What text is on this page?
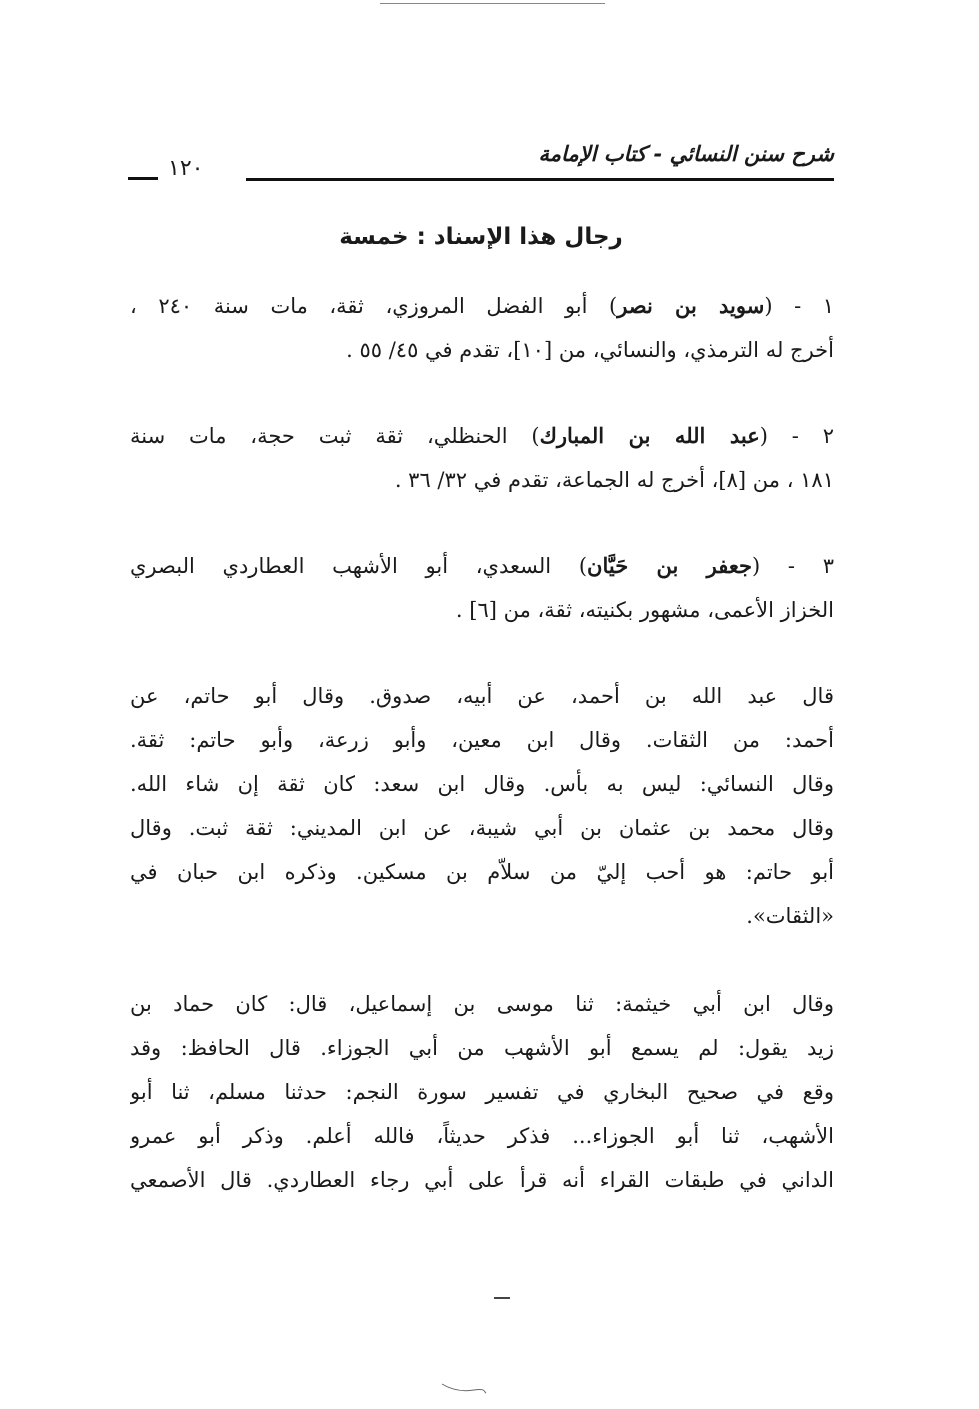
شرح سنن النسائي - كتاب الإمامة
١٢٠
رجال هذا الإسناد : خمسة
١ - (سويد بن نصر) أبو الفضل المروزي، ثقة، مات سنة ٢٤٠ ،
أخرج له الترمذي، والنسائي، من [١٠]، تقدم في ٤٥/ ٥٥ .
٢ - (عبد الله بن المبارك) الحنظلي، ثقة ثبت حجة، مات سنة
١٨١ ، من [٨]، أخرج له الجماعة، تقدم في ٣٢/ ٣٦ .
٣ - (جعفر بن حَيَّان) السعدي، أبو الأشهب العطاردي البصري
الخزاز الأعمى، مشهور بكنيته، ثقة، من [٦] .
قال عبد الله بن أحمد، عن أبيه، صدوق. وقال أبو حاتم، عن
أحمد: من الثقات. وقال ابن معين، وأبو زرعة، وأبو حاتم: ثقة.
وقال النسائي: ليس به بأس. وقال ابن سعد: كان ثقة إن شاء الله.
وقال محمد بن عثمان بن أبي شيبة، عن ابن المديني: ثقة ثبت. وقال
أبو حاتم: هو أحب إليّ من سلاّم بن مسكين. وذكره ابن حبان في
«الثقات».
وقال ابن أبي خيثمة: ثنا موسى بن إسماعيل، قال: كان حماد بن
زيد يقول: لم يسمع أبو الأشهب من أبي الجوزاء. قال الحافظ: وقد
وقع في صحيح البخاري في تفسير سورة النجم: حدثنا مسلم، ثنا أبو
الأشهب، ثنا أبو الجوزاء... فذكر حديثاً، فالله أعلم. وذكر أبو عمرو
الداني في طبقات القراء أنه قرأ على أبي رجاء العطاردي. قال الأصمعي
